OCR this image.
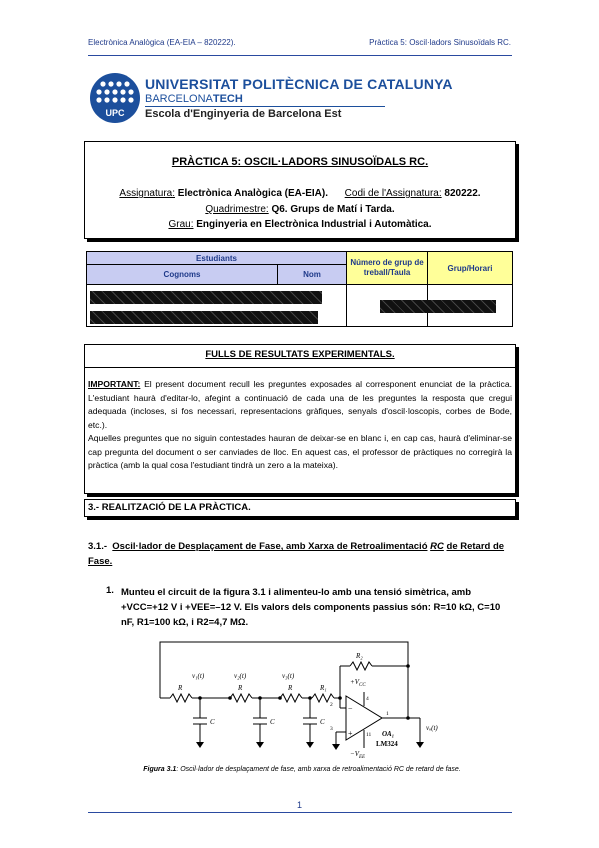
Electrònica Analògica (EA-EIA – 820222).	Pràctica 5: Oscil·ladors Sinusoïdals RC.
UPC
UNIVERSITAT POLITÈCNICA DE CATALUNYA
BARCELONATECH
Escola d'Enginyeria de Barcelona Est
PRÀCTICA 5: OSCIL·LADORS SINUSOÏDALS RC.
Assignatura: Electrònica Analògica (EA-EIA). Codi de l'Assignatura: 820222.
Quadrimestre: Q6. Grups de Matí i Tarda.
Grau: Enginyeria en Electrònica Industrial i Automàtica.
Estudiants		Número de grup de treball/Taula	Grup/Horari
Cognoms	Nom		

FULLS DE RESULTATS EXPERIMENTALS.
IMPORTANT: El present document recull les preguntes exposades al corresponent enunciat de la pràctica. L'estudiant haurà d'editar-lo, afegint a continuació de cada una de les preguntes la resposta que cregui adequada (incloses, si fos necessari, representacions gràfiques, senyals d'oscil·loscopis, corbes de Bode, etc.).
Aquelles preguntes que no siguin contestades hauran de deixar-se en blanc i, en cap cas, haurà d'eliminar-se cap pregunta del document o ser canviades de lloc. En aquest cas, el professor de pràctiques no corregirà la pràctica (amb la qual cosa l'estudiant tindrà un zero a la mateixa).
3.- REALITZACIÓ DE LA PRÀCTICA.
3.1.- Oscil·lador de Desplaçament de Fase, amb Xarxa de Retroalimentació RC de Retard de Fase.
1. Munteu el circuit de la figura 3.1 i alimenteu-lo amb una tensió simètrica, amb +VCC=+12 V i +VEE=–12 V. Els valors dels components passius són: R=10 kΩ, C=10 nF, R1=100 kΩ, i R2=4,7 MΩ.
v₁(t)	v₂(t)	v₃(t)
vₒ(t)
R	R	R	R₁
R₂
C	C	C
$+V_{CC}$
$-V_{EE}$
−
+
2
3
4
11
1
OA₁
LM324
Figura 3.1: Oscil·lador de desplaçament de fase, amb xarxa de retroalimentació RC de retard de fase.
1
